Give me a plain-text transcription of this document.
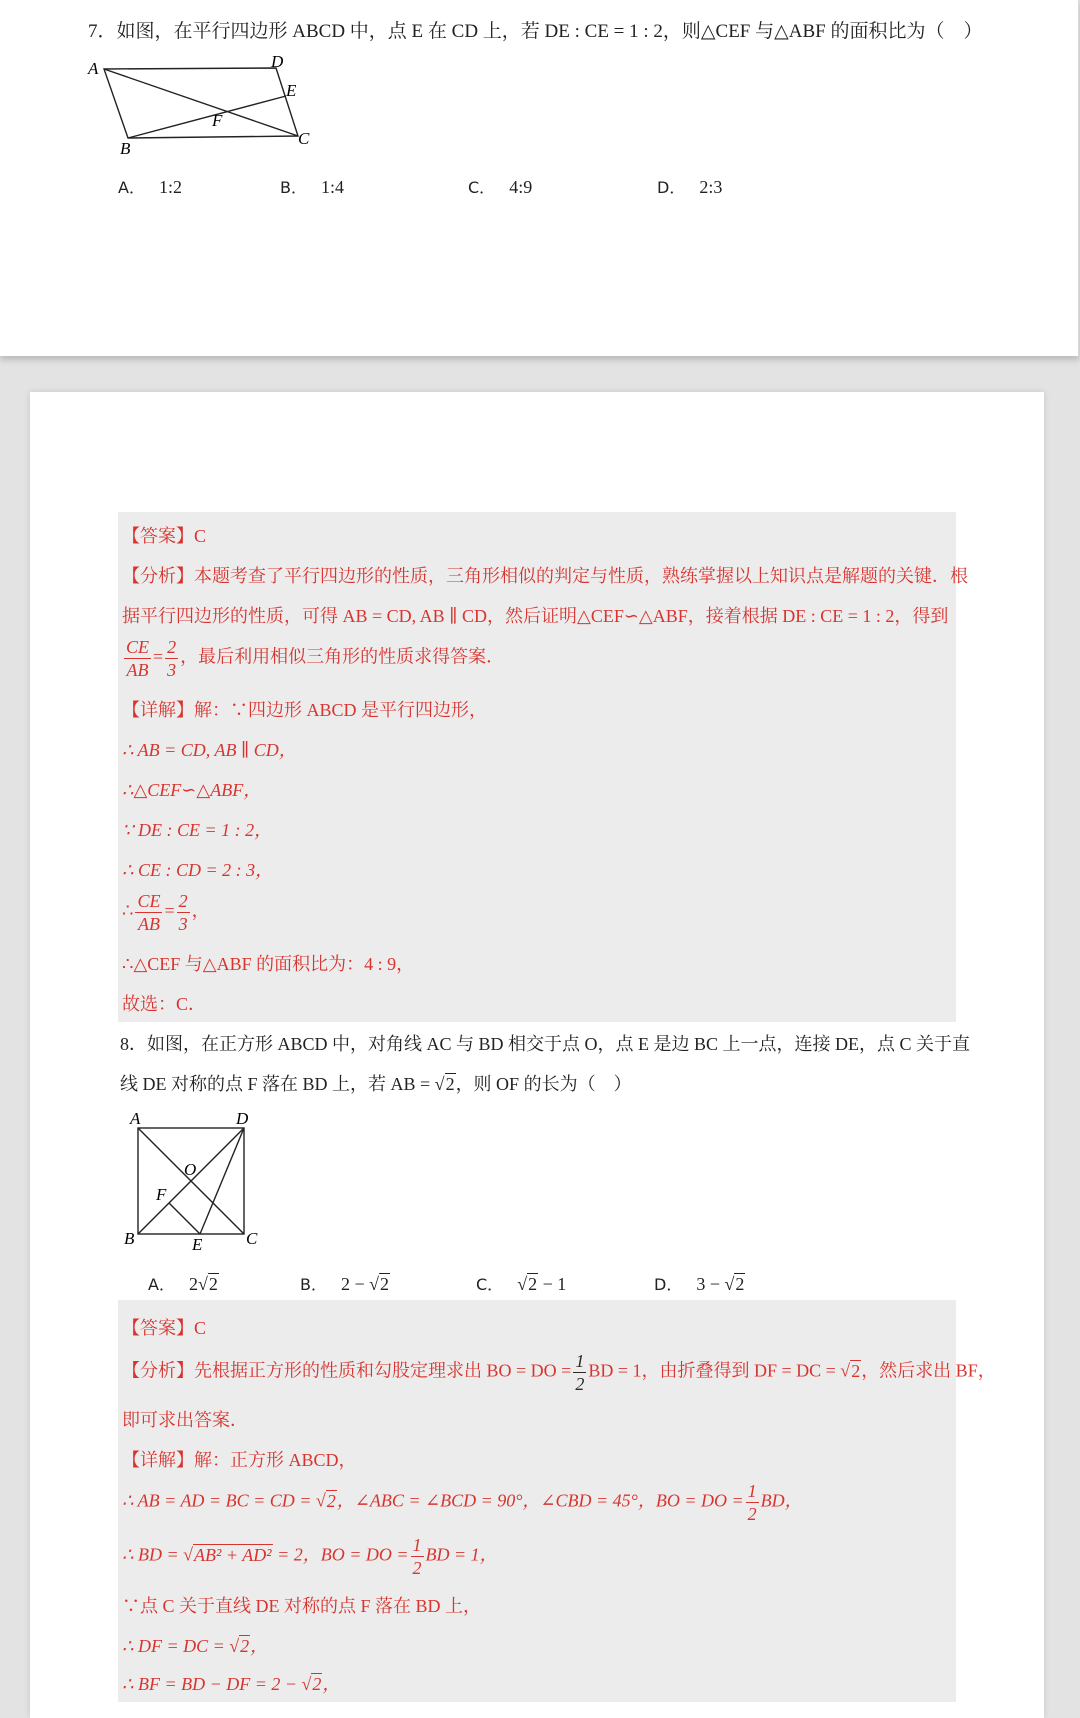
7．如图，在平行四边形 ABCD 中，点 E 在 CD 上，若 DE : CE = 1 : 2，则△CEF 与△ABF 的面积比为（　）
A	D
E
F
B
C
A． 1:2	B． 1:4	C． 4:9	D． 2:3
【答案】C
【分析】本题考查了平行四边形的性质，三角形相似的判定与性质，熟练掌握以上知识点是解题的关键．根
据平行四边形的性质，可得 AB = CD, AB ∥ CD，然后证明△CEF∽△ABF，接着根据 DE : CE = 1 : 2，得到
$\frac{CE}{AB} = \frac{2}{3}$ ，最后利用相似三角形的性质求得答案．
【详解】解：∵四边形 ABCD 是平行四边形，
∴ AB = CD, AB ∥ CD，
∴△CEF∽△ABF，
∵ DE : CE = 1 : 2，
∴ CE : CD = 2 : 3，
∴ $\frac{CE}{AB} = \frac{2}{3}$ ，
∴△CEF 与△ABF 的面积比为：4 : 9，
故选：C．
8．如图，在正方形 ABCD 中，对角线 AC 与 BD 相交于点 O，点 E 是边 BC 上一点，连接 DE，点 C 关于直
线 DE 对称的点 F 落在 BD 上，若 AB = √2，则 OF 的长为（　）
A	D
O
F
B	E	C
A． 2√2	B． 2 − √2	C． √2 − 1	D． 3 − √2
【答案】C
【分析】先根据正方形的性质和勾股定理求出 BO = DO = $\frac{1}{2}$ BD = 1，由折叠得到 DF = DC = √2，然后求出 BF，
即可求出答案．
【详解】解：正方形 ABCD，
∴ AB = AD = BC = CD = √2，∠ABC = ∠BCD = 90°，∠CBD = 45°，BO = DO = $\frac{1}{2}$ BD，
∴ BD = √AB² + AD² = 2，BO = DO = $\frac{1}{2}$ BD = 1，
∵点 C 关于直线 DE 对称的点 F 落在 BD 上，
∴ DF = DC = √2，
∴ BF = BD − DF = 2 − √2，
